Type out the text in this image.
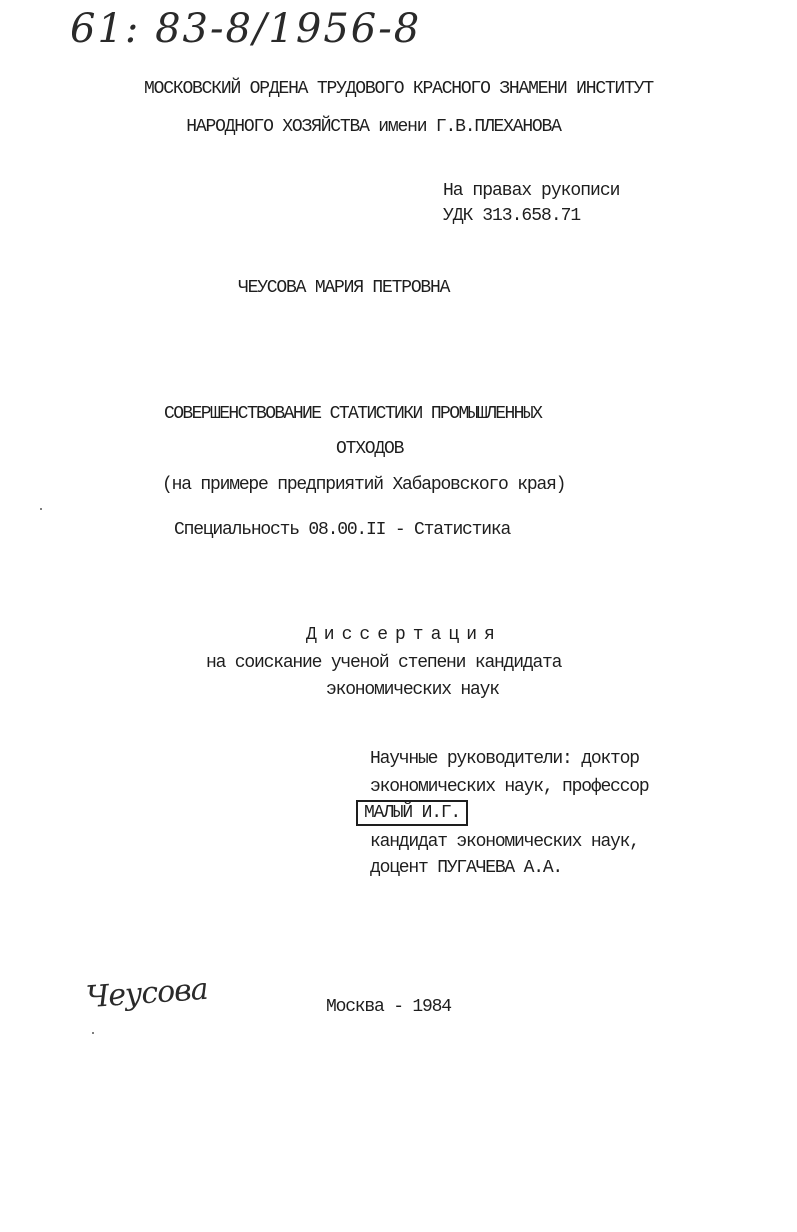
61: 83-8/1956-8
МОСКОВСКИЙ ОРДЕНА ТРУДОВОГО КРАСНОГО ЗНАМЕНИ ИНСТИТУТ
НАРОДНОГО ХОЗЯЙСТВА имени Г.В.ПЛЕХАНОВА
На правах рукописи
УДК 313.658.71
ЧЕУСОВА МАРИЯ ПЕТРОВНА
СОВЕРШЕНСТВОВАНИЕ СТАТИСТИКИ ПРОМЫШЛЕННЫХ
ОТХОДОВ
(на примере предприятий Хабаровского края)
Специальность 08.00.II - Статистика
Диссертация
на соискание ученой степени кандидата
экономических наук
Научные руководители: доктор
экономических наук, профессор
МАЛЫЙ И.Г.
кандидат экономических наук,
доцент ПУГАЧЕВА А.А.
Чеусова	Москва - 1984
